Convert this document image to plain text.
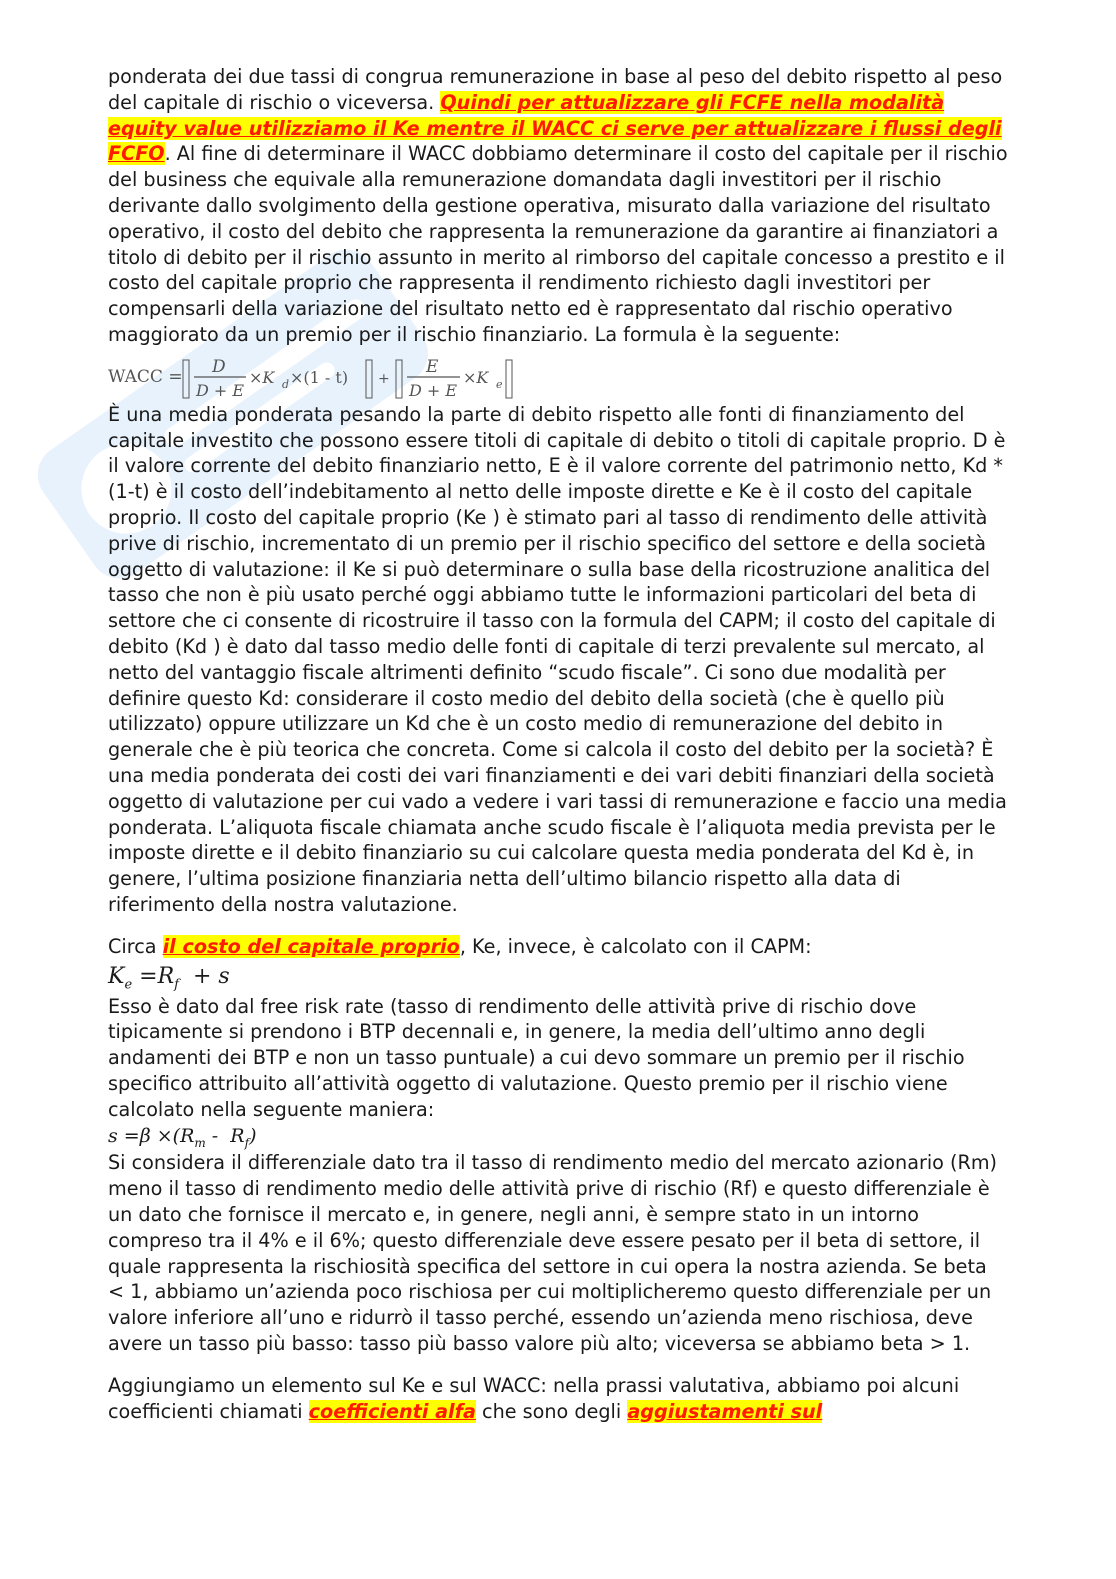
ponderata dei due tassi di congrua remunerazione in base al peso del debito rispetto al peso del capitale di rischio o viceversa. Quindi per attualizzare gli FCFE nella modalità equity value utilizziamo il Ke mentre il WACC ci serve per attualizzare i flussi degli FCFO. Al fine di determinare il WACC dobbiamo determinare il costo del capitale per il rischio del business che equivale alla remunerazione domandata dagli investitori per il rischio derivante dallo svolgimento della gestione operativa, misurato dalla variazione del risultato operativo, il costo del debito che rappresenta la remunerazione da garantire ai finanziatori a titolo di debito per il rischio assunto in merito al rimborso del capitale concesso a prestito e il costo del capitale proprio che rappresenta il rendimento richiesto dagli investitori per compensarli della variazione del risultato netto ed è rappresentato dal rischio operativo maggiorato da un premio per il rischio finanziario. La formula è la seguente:

WACC = D
D + E
×K d ×(1 - t) +
E
D + E
×K e

È una media ponderata pesando la parte di debito rispetto alle fonti di finanziamento del capitale investito che possono essere titoli di capitale di debito o titoli di capitale proprio. D è il valore corrente del debito finanziario netto, E è il valore corrente del patrimonio netto, Kd * (1-t) è il costo dell’indebitamento al netto delle imposte dirette e Ke è il costo del capitale proprio. Il costo del capitale proprio (Ke ) è stimato pari al tasso di rendimento delle attività prive di rischio, incrementato di un premio per il rischio specifico del settore e della società oggetto di valutazione: il Ke si può determinare o sulla base della ricostruzione analitica del tasso che non è più usato perché oggi abbiamo tutte le informazioni particolari del beta di settore che ci consente di ricostruire il tasso con la formula del CAPM; il costo del capitale di debito (Kd ) è dato dal tasso medio delle fonti di capitale di terzi prevalente sul mercato, al netto del vantaggio fiscale altrimenti definito “scudo fiscale”. Ci sono due modalità per definire questo Kd: considerare il costo medio del debito della società (che è quello più utilizzato) oppure utilizzare un Kd che è un costo medio di remunerazione del debito in generale che è più teorica che concreta. Come si calcola il costo del debito per la società? È una media ponderata dei costi dei vari finanziamenti e dei vari debiti finanziari della società oggetto di valutazione per cui vado a vedere i vari tassi di remunerazione e faccio una media ponderata. L’aliquota fiscale chiamata anche scudo fiscale è l’aliquota media prevista per le imposte dirette e il debito finanziario su cui calcolare questa media ponderata del Kd è, in genere, l’ultima posizione finanziaria netta dell’ultimo bilancio rispetto alla data di riferimento della nostra valutazione.

Circa il costo del capitale proprio, Ke, invece, è calcolato con il CAPM:

$K_e =R_f + s$

Esso è dato dal free risk rate (tasso di rendimento delle attività prive di rischio dove tipicamente si prendono i BTP decennali e, in genere, la media dell’ultimo anno degli andamenti dei BTP e non un tasso puntuale) a cui devo sommare un premio per il rischio specifico attribuito all’attività oggetto di valutazione. Questo premio per il rischio viene calcolato nella seguente maniera:

$s =\beta \times(R_m - R_f)$

Si considera il differenziale dato tra il tasso di rendimento medio del mercato azionario (Rm) meno il tasso di rendimento medio delle attività prive di rischio (Rf) e questo differenziale è un dato che fornisce il mercato e, in genere, negli anni, è sempre stato in un intorno compreso tra il 4% e il 6%; questo differenziale deve essere pesato per il beta di settore, il quale rappresenta la rischiosità specifica del settore in cui opera la nostra azienda. Se beta < 1, abbiamo un’azienda poco rischiosa per cui moltiplicheremo questo differenziale per un valore inferiore all’uno e ridurrò il tasso perché, essendo un’azienda meno rischiosa, deve avere un tasso più basso: tasso più basso valore più alto; viceversa se abbiamo beta > 1.

Aggiungiamo un elemento sul Ke e sul WACC: nella prassi valutativa, abbiamo poi alcuni coefficienti chiamati coefficienti alfa che sono degli aggiustamenti sul
